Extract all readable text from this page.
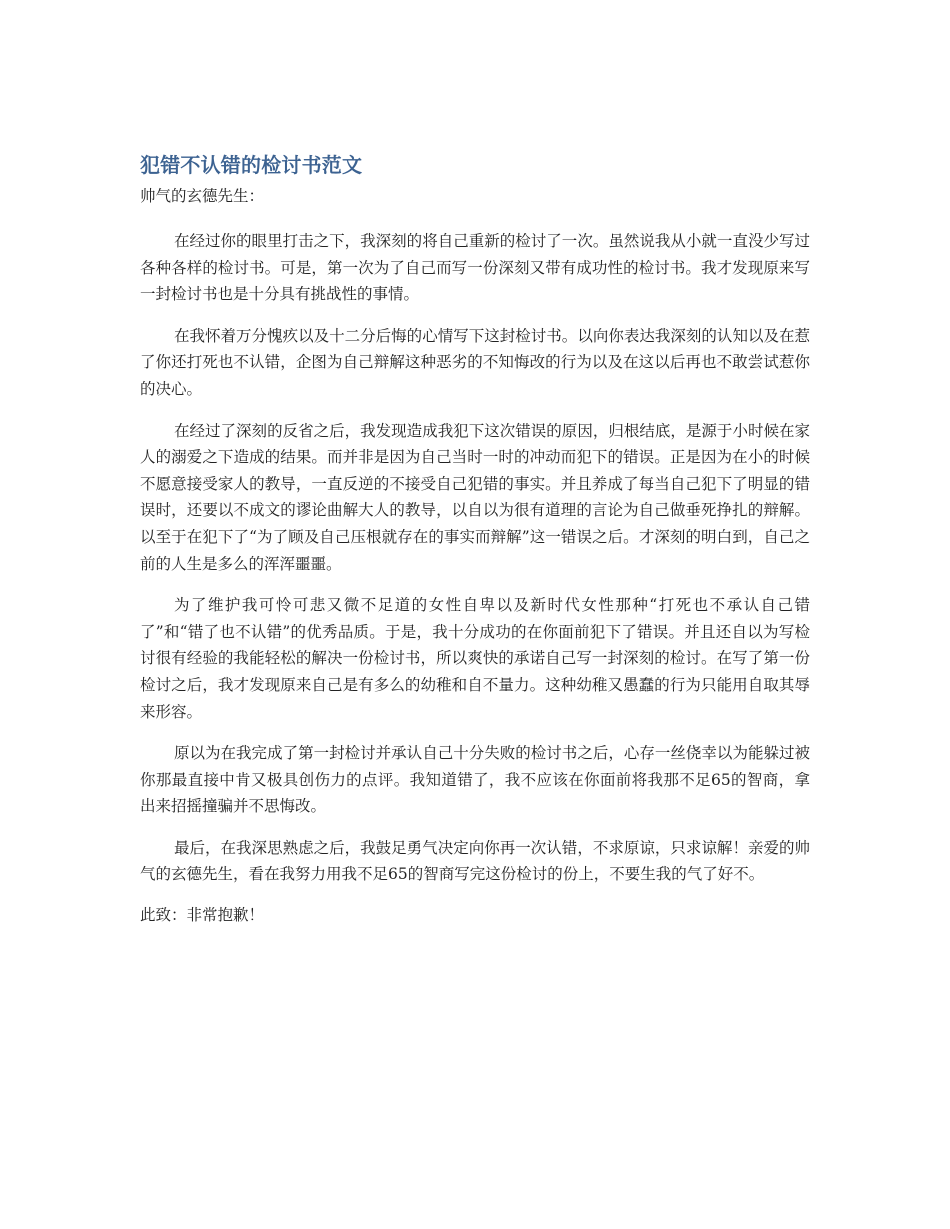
犯错不认错的检讨书范文

帅气的玄德先生：

在经过你的眼里打击之下，我深刻的将自己重新的检讨了一次。虽然说我从小就一直没少写过各种各样的检讨书。可是，第一次为了自己而写一份深刻又带有成功性的检讨书。我才发现原来写一封检讨书也是十分具有挑战性的事情。

在我怀着万分愧疚以及十二分后悔的心情写下这封检讨书。以向你表达我深刻的认知以及在惹了你还打死也不认错，企图为自己辩解这种恶劣的不知悔改的行为以及在这以后再也不敢尝试惹你的决心。

在经过了深刻的反省之后，我发现造成我犯下这次错误的原因，归根结底，是源于小时候在家人的溺爱之下造成的结果。而并非是因为自己当时一时的冲动而犯下的错误。正是因为在小的时候不愿意接受家人的教导，一直反逆的不接受自己犯错的事实。并且养成了每当自己犯下了明显的错误时，还要以不成文的谬论曲解大人的教导，以自以为很有道理的言论为自己做垂死挣扎的辩解。 以至于在犯下了“为了顾及自己压根就存在的事实而辩解”这一错误之后。才深刻的明白到，自己之前的人生是多么的浑浑噩噩。

为了维护我可怜可悲又微不足道的女性自卑以及新时代女性那种“打死也不承认自己错了”和“错了也不认错”的优秀品质。于是，我十分成功的在你面前犯下了错误。并且还自以为写检讨很有经验的我能轻松的解决一份检讨书，所以爽快的承诺自己写一封深刻的检讨。在写了第一份检讨之后，我才发现原来自己是有多么的幼稚和自不量力。这种幼稚又愚蠢的行为只能用自取其辱来形容。

原以为在我完成了第一封检讨并承认自己十分失败的检讨书之后，心存一丝侥幸以为能躲过被你那最直接中肯又极具创伤力的点评。我知道错了，我不应该在你面前将我那不足65的智商，拿出来招摇撞骗并不思悔改。

最后，在我深思熟虑之后，我鼓足勇气决定向你再一次认错，不求原谅，只求谅解！亲爱的帅气的玄德先生，看在我努力用我不足65的智商写完这份检讨的份上，不要生我的气了好不。

此致：非常抱歉！
